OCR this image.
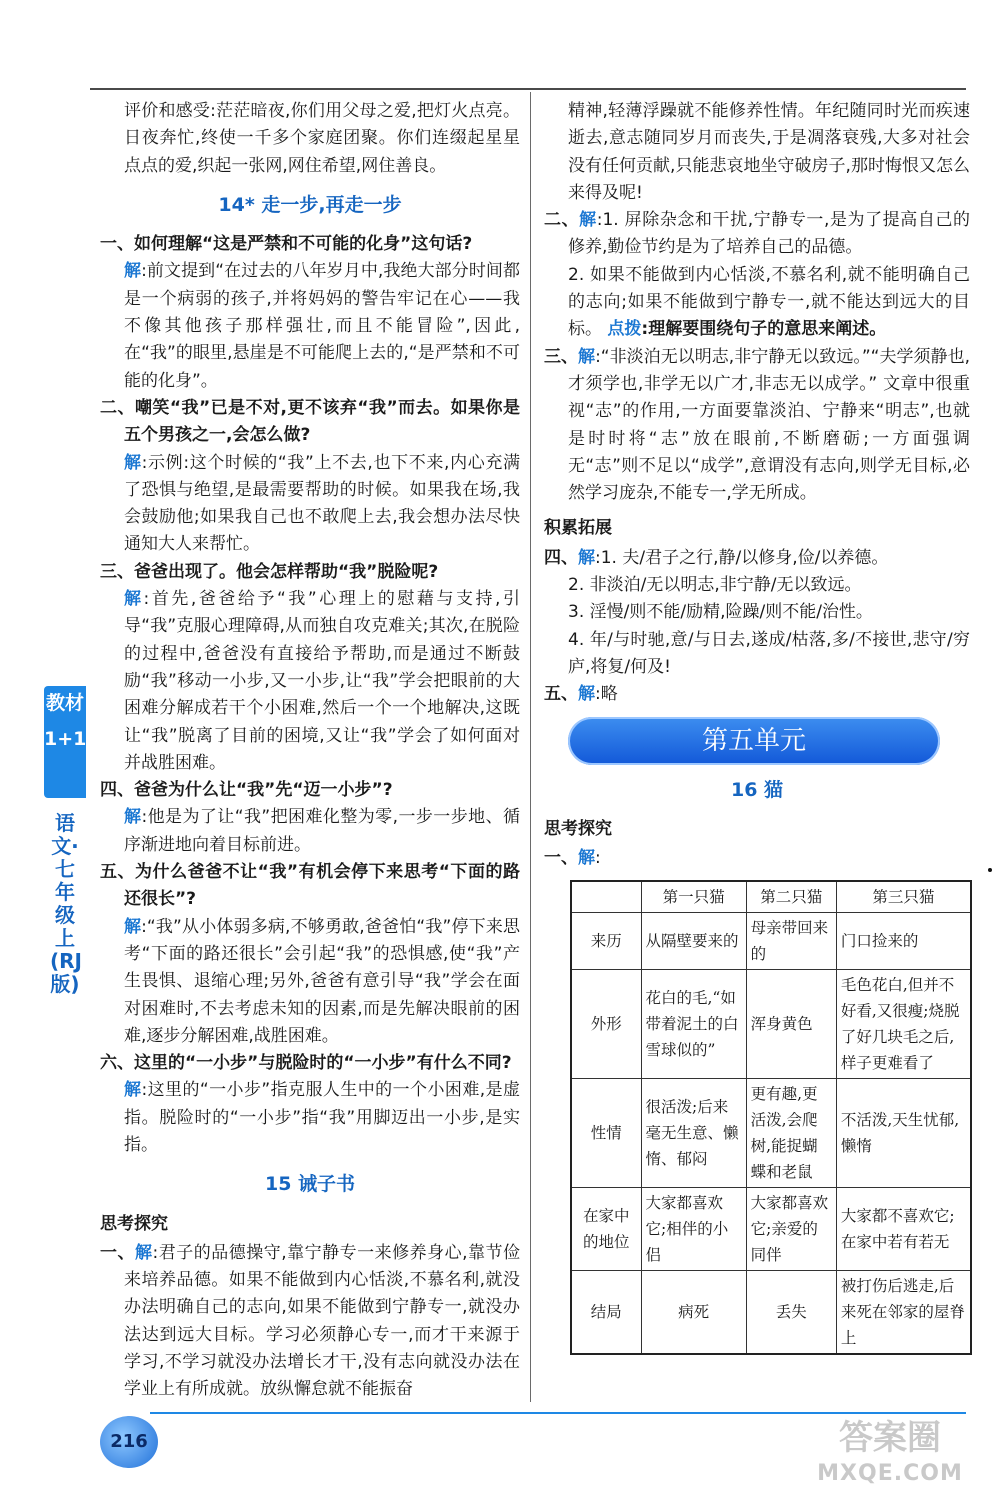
评价和感受:茫茫暗夜,你们用父母之爱,把灯火点亮。日夜奔忙,终使一千多个家庭团聚。你们连缀起星星点点的爱,织起一张网,网住希望,网住善良。

14* 走一步,再走一步

一、如何理解“这是严禁和不可能的化身”这句话?

解:前文提到“在过去的八年岁月中,我绝大部分时间都是一个病弱的孩子,并将妈妈的警告牢记在心——我不像其他孩子那样强壮,而且不能冒险”,因此,在“我”的眼里,悬崖是不可能爬上去的,“是严禁和不可能的化身”。

二、嘲笑“我”已是不对,更不该弃“我”而去。如果你是五个男孩之一,会怎么做?

解:示例:这个时候的“我”上不去,也下不来,内心充满了恐惧与绝望,是最需要帮助的时候。如果我在场,我会鼓励他;如果我自己也不敢爬上去,我会想办法尽快通知大人来帮忙。

三、爸爸出现了。他会怎样帮助“我”脱险呢?

解:首先,爸爸给予“我”心理上的慰藉与支持,引导“我”克服心理障碍,从而独自攻克难关;其次,在脱险的过程中,爸爸没有直接给予帮助,而是通过不断鼓励“我”移动一小步,又一小步,让“我”学会把眼前的大困难分解成若干个小困难,然后一个一个地解决,这既让“我”脱离了目前的困境,又让“我”学会了如何面对并战胜困难。

四、爸爸为什么让“我”先“迈一小步”?

解:他是为了让“我”把困难化整为零,一步一步地、循序渐进地向着目标前进。

五、为什么爸爸不让“我”有机会停下来思考“下面的路还很长”?

解:“我”从小体弱多病,不够勇敢,爸爸怕“我”停下来思考“下面的路还很长”会引起“我”的恐惧感,使“我”产生畏惧、退缩心理;另外,爸爸有意引导“我”学会在面对困难时,不去考虑未知的因素,而是先解决眼前的困难,逐步分解困难,战胜困难。

六、这里的“一小步”与脱险时的“一小步”有什么不同?

解:这里的“一小步”指克服人生中的一个小困难,是虚指。脱险时的“一小步”指“我”用脚迈出一小步,是实指。

15 诫子书
思考探究

一、解:君子的品德操守,靠宁静专一来修养身心,靠节俭来培养品德。如果不能做到内心恬淡,不慕名利,就没办法明确自己的志向,如果不能做到宁静专一,就没办法达到远大目标。学习必须静心专一,而才干来源于学习,不学习就没办法增长才干,没有志向就没办法在学业上有所成就。放纵懈怠就不能振奋

精神,轻薄浮躁就不能修养性情。年纪随同时光而疾速逝去,意志随同岁月而丧失,于是凋落衰残,大多对社会没有任何贡献,只能悲哀地坐守破房子,那时悔恨又怎么来得及呢!

二、解:1. 屏除杂念和干扰,宁静专一,是为了提高自己的修养,勤俭节约是为了培养自己的品德。

2. 如果不能做到内心恬淡,不慕名利,就不能明确自己的志向;如果不能做到宁静专一,就不能达到远大的目标。 点拨:理解要围绕句子的意思来阐述。

三、解:“非淡泊无以明志,非宁静无以致远。”“夫学须静也,才须学也,非学无以广才,非志无以成学。” 文章中很重视“志”的作用,一方面要靠淡泊、宁静来“明志”,也就是时时将“志”放在眼前,不断磨砺;一方面强调无“志”则不足以“成学”,意谓没有志向,则学无目标,必然学习庞杂,不能专一,学无所成。

积累拓展

四、解:1. 夫/君子之行,静/以修身,俭/以养德。

2. 非淡泊/无以明志,非宁静/无以致远。

3. 淫慢/则不能/励精,险躁/则不能/治性。

4. 年/与时驰,意/与日去,遂成/枯落,多/不接世,悲守/穷庐,将复/何及!

五、解:略

第五单元
16 猫
思考探究

一、解:

	第一只猫	第二只猫	第三只猫
来历	从隔壁要来的	母亲带回来的	门口捡来的
外形	花白的毛,“如带着泥土的白雪球似的”	浑身黄色	毛色花白,但并不好看,又很瘦;烧脱了好几块毛之后,样子更难看了
性情	很活泼;后来毫无生意、懒惰、郁闷	更有趣,更活泼,会爬树,能捉蝴蝶和老鼠	不活泼,天生忧郁,懒惰
在家中的地位	大家都喜欢它;相伴的小侣	大家都喜欢它;亲爱的同伴	大家都不喜欢它;在家中若有若无
结局	病死	丢失	被打伤后逃走,后来死在邻家的屋脊上
教材
1+1
语文·七年级上(RJ版)
216	答案圈
MXQE.COM
